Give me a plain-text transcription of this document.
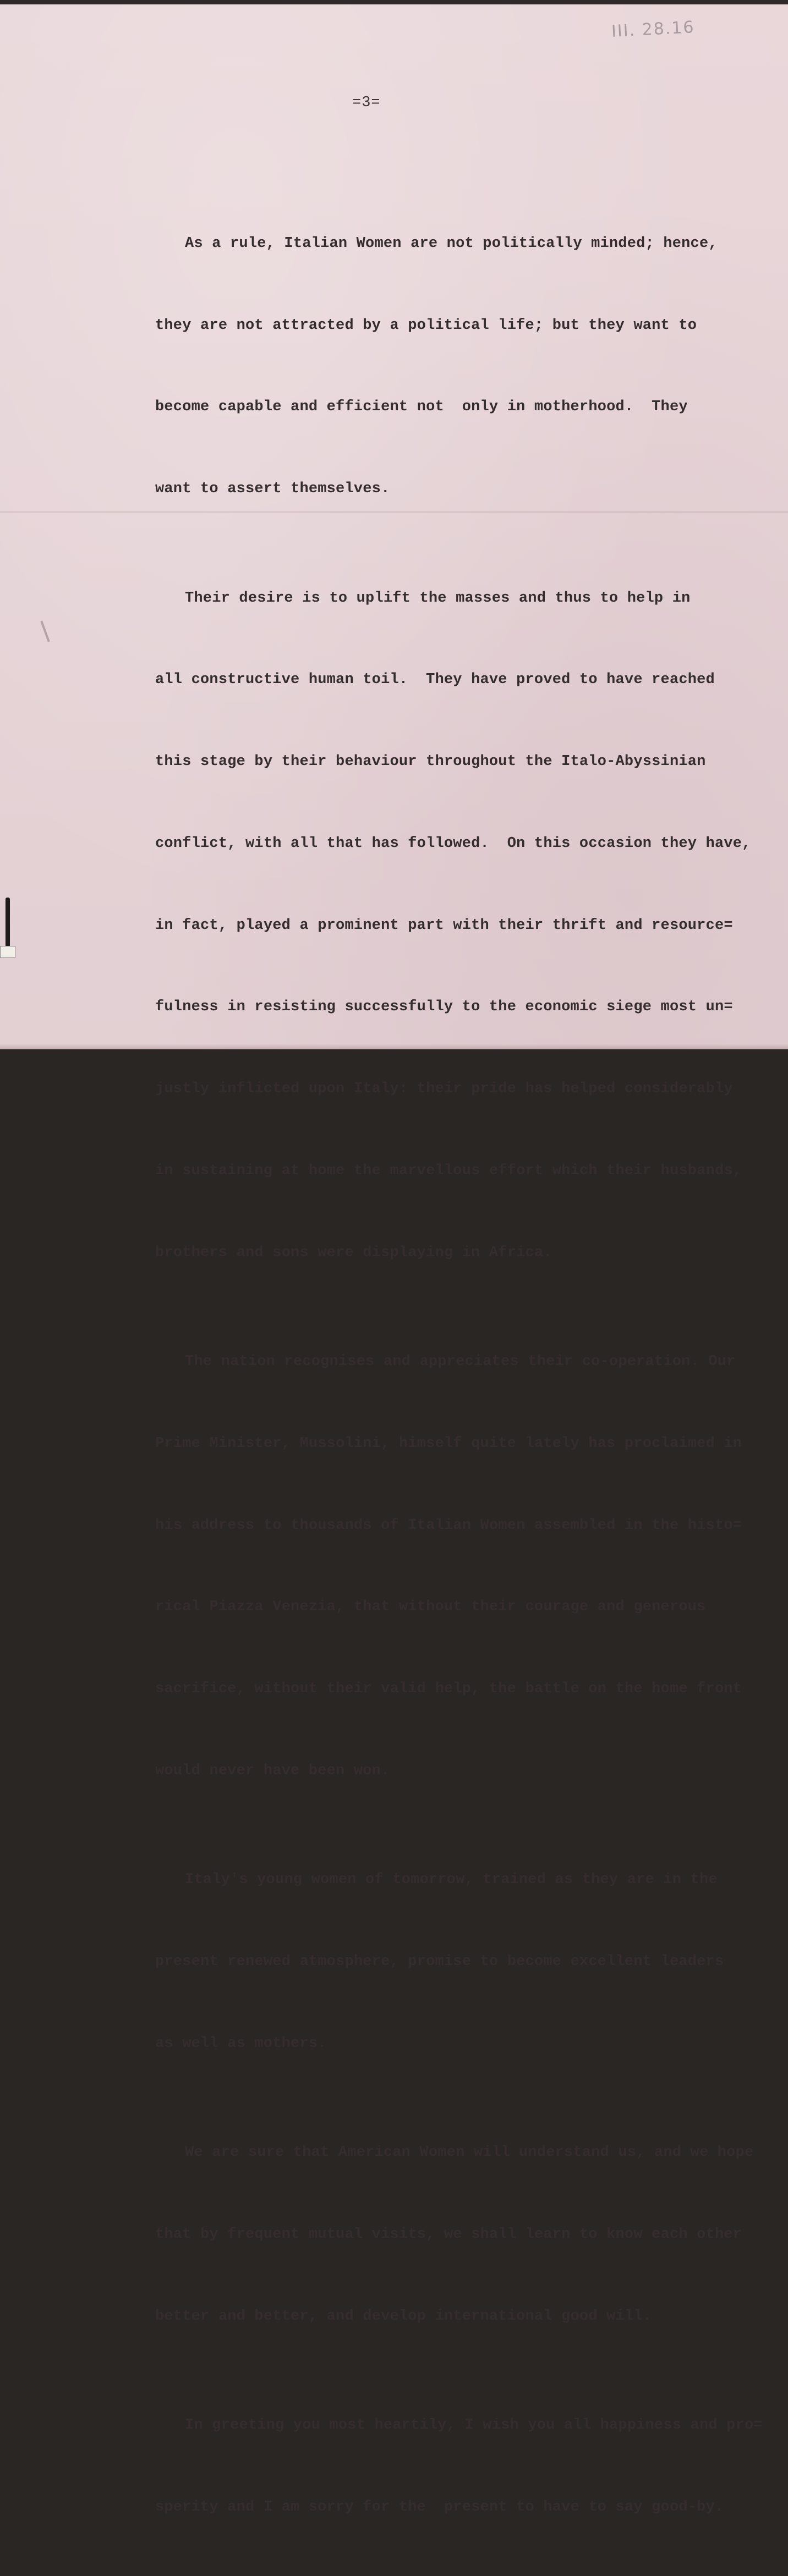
III. 28.16
=3=

As a rule, Italian Women are not politically minded; hence,

they are not attracted by a political life; but they want to

become capable and efficient not  only in motherhood.  They

want to assert themselves.

Their desire is to uplift the masses and thus to help in

all constructive human toil.  They have proved to have reached

this stage by their behaviour throughout the Italo-Abyssinian

conflict, with all that has followed.  On this occasion they have,

in fact, played a prominent part with their thrift and resource=

fulness in resisting successfully to the economic siege most un=

justly inflicted upon Italy: their pride has helped considerably

in sustaining at home the marvellous effort which their husbands,

brothers and sons were displaying in Africa.

The nation recognises and appreciates their co-operation. Our

Prime Minister, Mussolini, himself quite lately has proclaimed in

his address to thousands of Italian Women assembled in the histo=

rical Piazza Venezia, that without their courage and generous

sacrifice, without their valid help, the battle on the home front

would never have been won.

Italy's young women of tomorrow, trained as they are in the

present renewed atmosphere, promise to become excellent leaders

as well as mothers.

We are sure that American Women will understand us, and we hope

that by frequent mutual visits, we shall learn to know each other

better and better, and develop international good will.

In greeting you most heartily, I wish you all happiness and pro=

sperity and I am sorry for the  present to have to say good-by.
